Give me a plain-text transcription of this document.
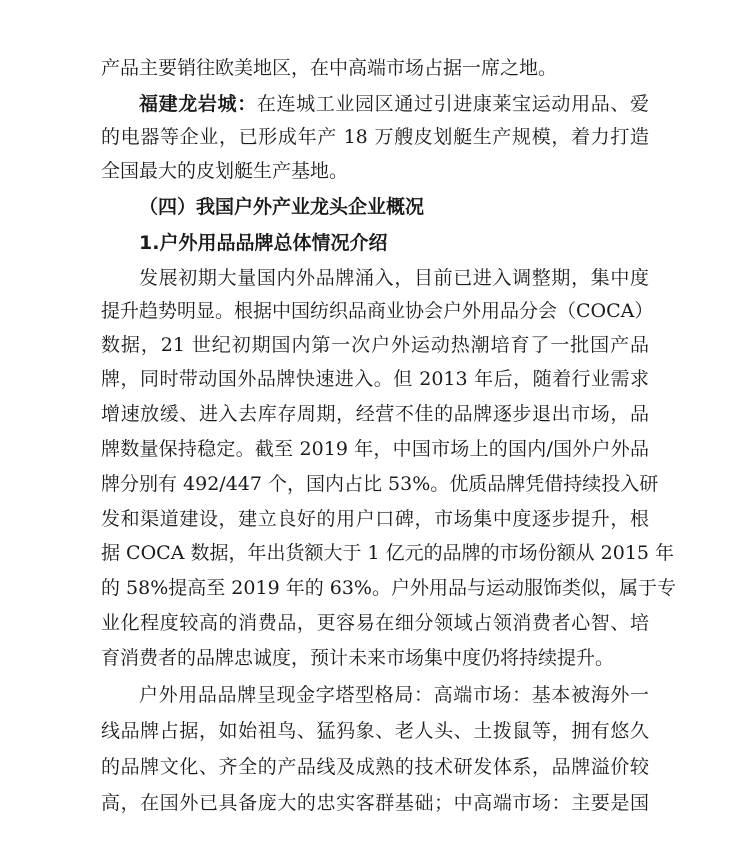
产品主要销往欧美地区，在中高端市场占据一席之地。
福建龙岩城：在连城工业园区通过引进康莱宝运动用品、爱
的电器等企业，已形成年产 18 万艘皮划艇生产规模，着力打造
全国最大的皮划艇生产基地。
（四）我国户外产业龙头企业概况
1.户外用品品牌总体情况介绍
发展初期大量国内外品牌涌入，目前已进入调整期，集中度
提升趋势明显。根据中国纺织品商业协会户外用品分会（COCA）
数据，21 世纪初期国内第一次户外运动热潮培育了一批国产品
牌，同时带动国外品牌快速进入。但 2013 年后，随着行业需求
增速放缓、进入去库存周期，经营不佳的品牌逐步退出市场，品
牌数量保持稳定。截至 2019 年，中国市场上的国内/国外户外品
牌分别有 492/447 个，国内占比 53%。优质品牌凭借持续投入研
发和渠道建设，建立良好的用户口碑，市场集中度逐步提升，根
据 COCA 数据，年出货额大于 1 亿元的品牌的市场份额从 2015 年
的 58%提高至 2019 年的 63%。户外用品与运动服饰类似，属于专
业化程度较高的消费品，更容易在细分领域占领消费者心智、培
育消费者的品牌忠诚度，预计未来市场集中度仍将持续提升。
户外用品品牌呈现金字塔型格局：高端市场：基本被海外一
线品牌占据，如始祖鸟、猛犸象、老人头、土拨鼠等，拥有悠久
的品牌文化、齐全的产品线及成熟的技术研发体系，品牌溢价较
高，在国外已具备庞大的忠实客群基础；中高端市场：主要是国
